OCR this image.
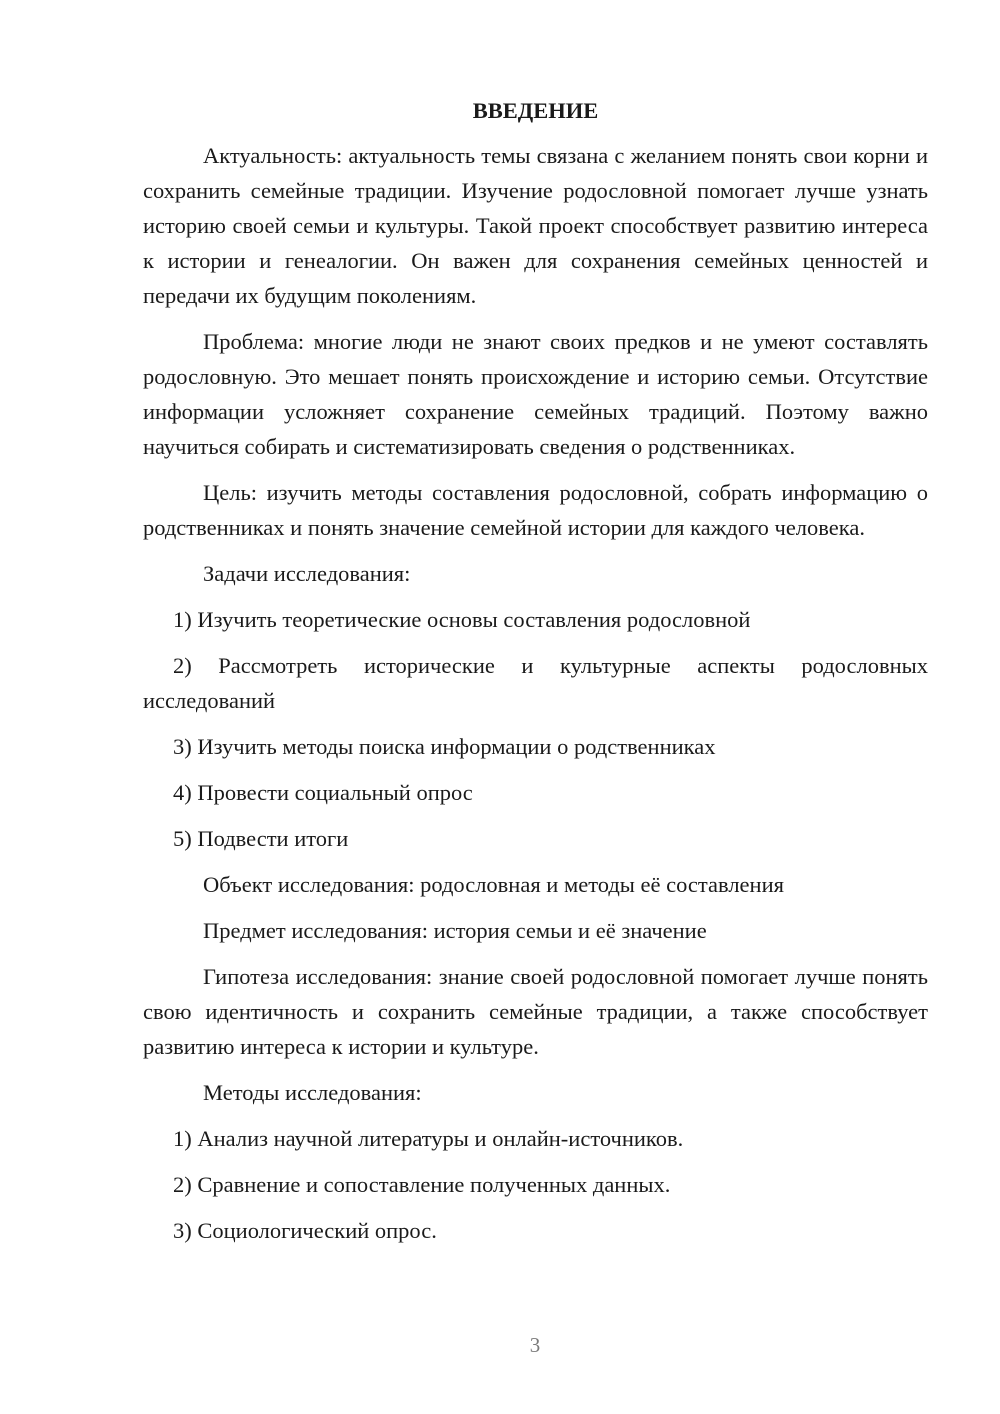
ВВЕДЕНИЕ

Актуальность: актуальность темы связана с желанием понять свои корни и сохранить семейные традиции. Изучение родословной помогает лучше узнать историю своей семьи и культуры. Такой проект способствует развитию интереса к истории и генеалогии. Он важен для сохранения семейных ценностей и передачи их будущим поколениям.

Проблема: многие люди не знают своих предков и не умеют составлять родословную. Это мешает понять происхождение и историю семьи. Отсутствие информации усложняет сохранение семейных традиций. Поэтому важно научиться собирать и систематизировать сведения о родственниках.

Цель: изучить методы составления родословной, собрать информацию о родственниках и понять значение семейной истории для каждого человека.

Задачи исследования:

1) Изучить теоретические основы составления родословной

2) Рассмотреть исторические и культурные аспекты родословных исследований

3) Изучить методы поиска информации о родственниках

4) Провести социальный опрос

5) Подвести итоги

Объект исследования: родословная и методы её составления

Предмет исследования: история семьи и её значение

Гипотеза исследования: знание своей родословной помогает лучше понять свою идентичность и сохранить семейные традиции, а также способствует развитию интереса к истории и культуре.

Методы исследования:

1) Анализ научной литературы и онлайн-источников.

2) Сравнение и сопоставление полученных данных.

3) Социологический опрос.

3
